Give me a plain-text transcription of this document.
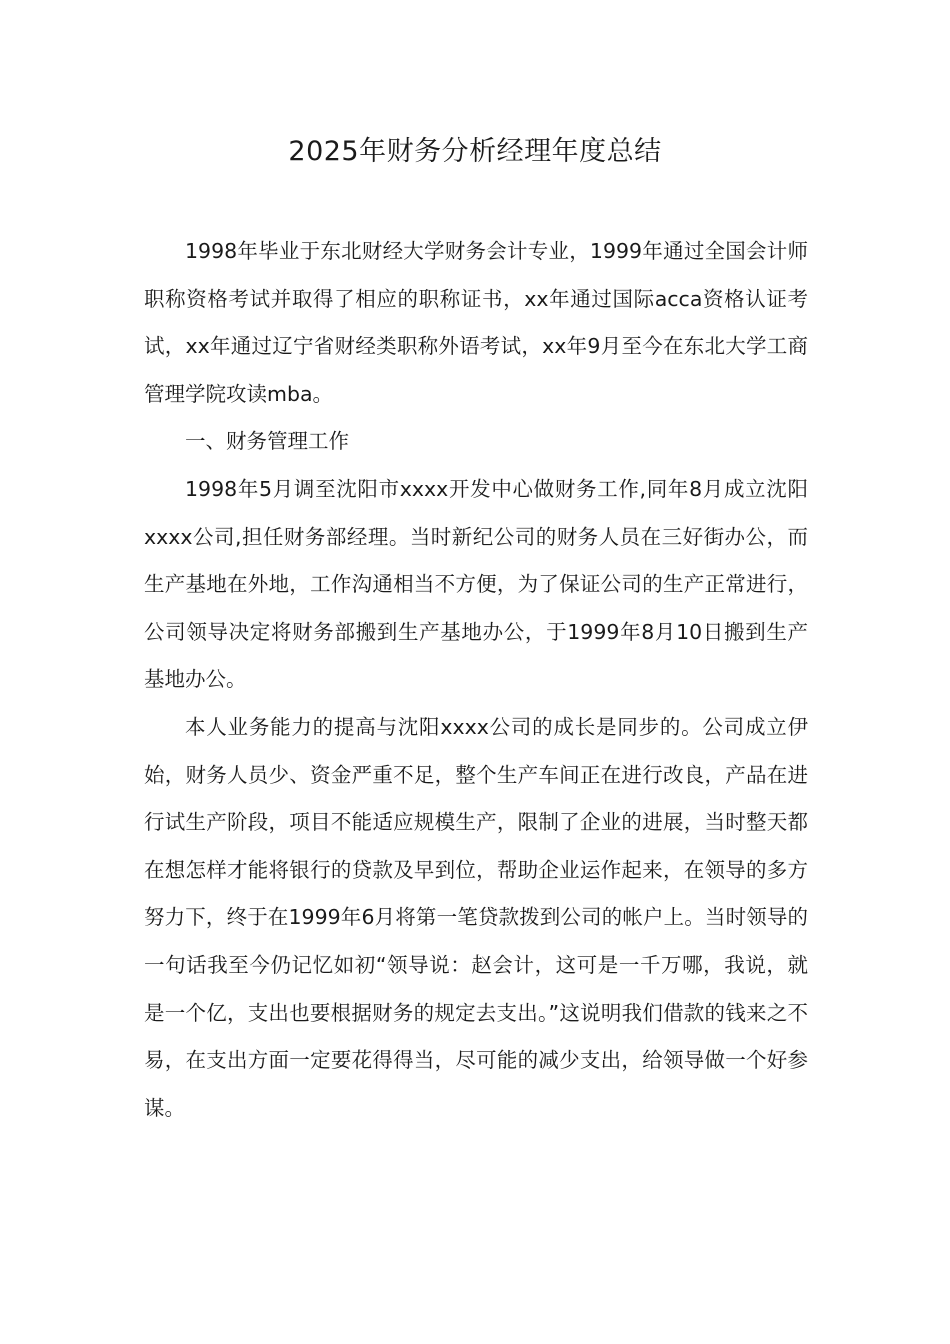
2025年财务分析经理年度总结

1998年毕业于东北财经大学财务会计专业，1999年通过全国会计师职称资格考试并取得了相应的职称证书，xx年通过国际acca资格认证考试，xx年通过辽宁省财经类职称外语考试，xx年9月至今在东北大学工商管理学院攻读mba。

一、财务管理工作

1998年5月调至沈阳市xxxx开发中心做财务工作,同年8月成立沈阳xxxx公司,担任财务部经理。当时新纪公司的财务人员在三好街办公，而生产基地在外地，工作沟通相当不方便，为了保证公司的生产正常进行，公司领导决定将财务部搬到生产基地办公，于1999年8月10日搬到生产基地办公。

本人业务能力的提高与沈阳xxxx公司的成长是同步的。公司成立伊始，财务人员少、资金严重不足，整个生产车间正在进行改良，产品在进行试生产阶段，项目不能适应规模生产，限制了企业的进展，当时整天都在想怎样才能将银行的贷款及早到位，帮助企业运作起来，在领导的多方努力下，终于在1999年6月将第一笔贷款拨到公司的帐户上。当时领导的一句话我至今仍记忆如初“领导说：赵会计，这可是一千万哪，我说，就是一个亿，支出也要根据财务的规定去支出。”这说明我们借款的钱来之不易，在支出方面一定要花得得当，尽可能的减少支出，给领导做一个好参谋。
